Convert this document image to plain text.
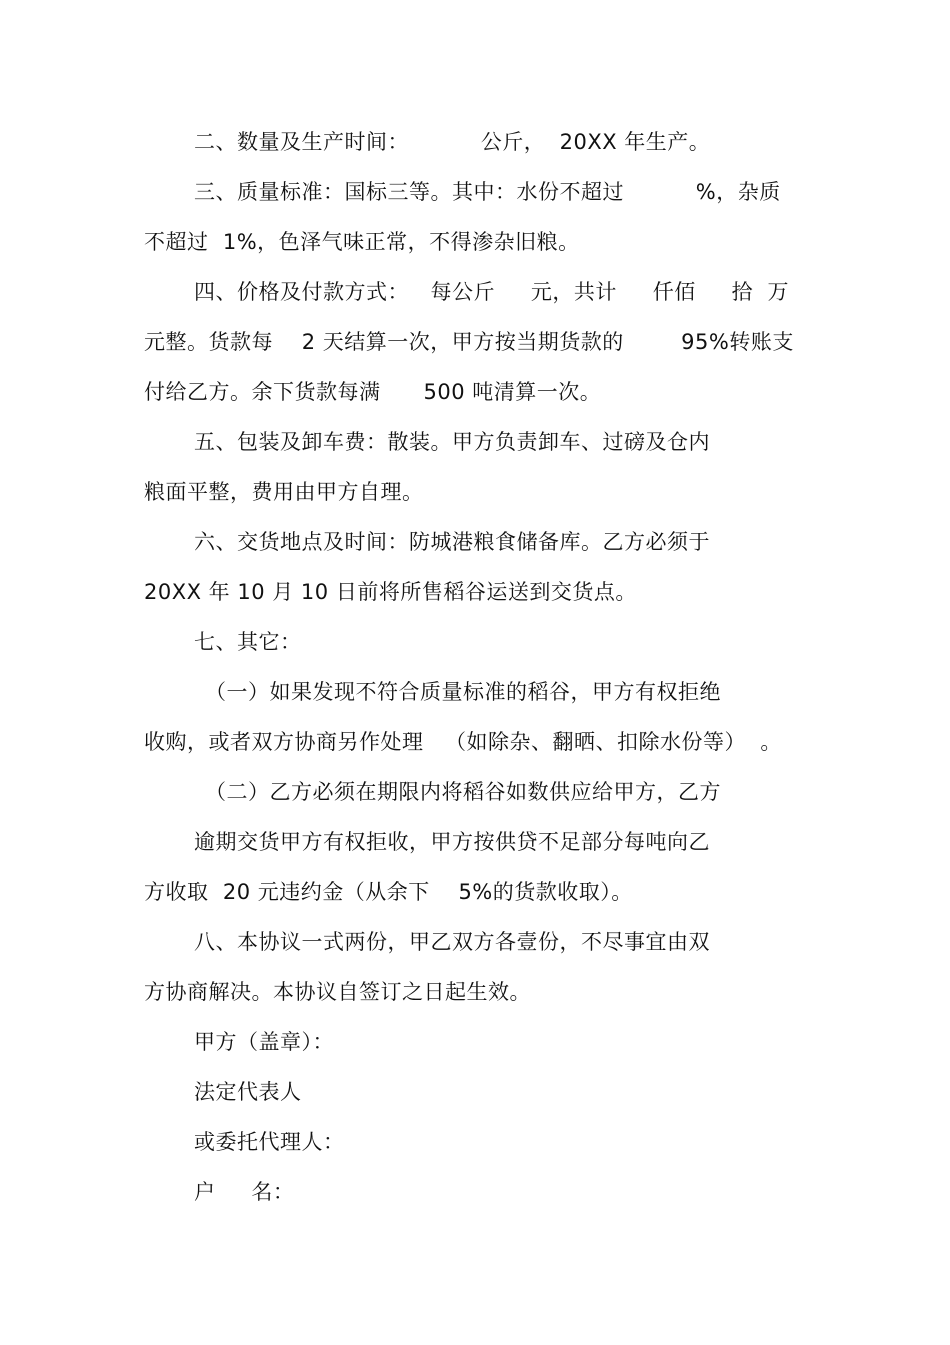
二、数量及生产时间：          公斤，  20XX 年生产。
三、质量标准：国标三等。其中：水份不超过          %，杂质
不超过  1%，色泽气味正常，不得渗杂旧粮。
四、价格及付款方式：   每公斤     元，共计     仟佰     拾  万
元整。货款每    2 天结算一次，甲方按当期货款的        95%转账支
付给乙方。余下货款每满      500 吨清算一次。
五、包装及卸车费：散装。甲方负责卸车、过磅及仓内
粮面平整，费用由甲方自理。
六、交货地点及时间：防城港粮食储备库。乙方必须于
20XX 年 10 月 10 日前将所售稻谷运送到交货点。
七、其它：
（一）如果发现不符合质量标准的稻谷，甲方有权拒绝
收购，或者双方协商另作处理   （如除杂、翻晒、扣除水份等）  。
（二）乙方必须在期限内将稻谷如数供应给甲方，乙方
逾期交货甲方有权拒收，甲方按供贷不足部分每吨向乙
方收取  20 元违约金（从余下    5%的货款收取）。
八、本协议一式两份，甲乙双方各壹份，不尽事宜由双
方协商解决。本协议自签订之日起生效。
甲方（盖章）：
法定代表人
或委托代理人：
户     名：
